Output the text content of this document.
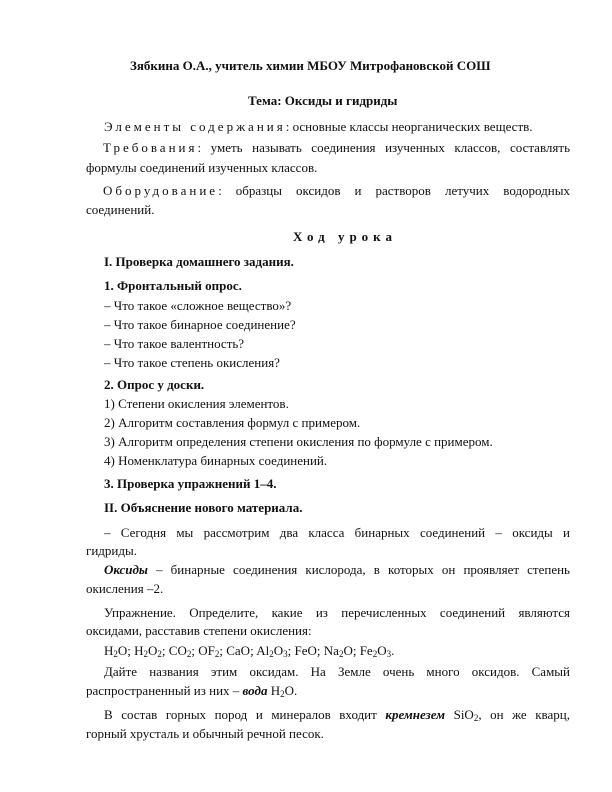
Зябкина О.А., учитель химии МБОУ Митрофановской СОШ
Тема: Оксиды и гидриды
Элементы содержания: основные классы неорганических веществ.
Требования: уметь называть соединения изученных классов, составлять
формулы соединений изученных классов.
Оборудование: образцы оксидов и растворов летучих водородных
соединений.
Ход урока
I. Проверка домашнего задания.
1. Фронтальный опрос.
– Что такое «сложное вещество»?
– Что такое бинарное соединение?
– Что такое валентность?
– Что такое степень окисления?
2. Опрос у доски.
1) Степени окисления элементов.
2) Алгоритм составления формул с примером.
3) Алгоритм определения степени окисления по формуле с примером.
4) Номенклатура бинарных соединений.
3. Проверка упражнений 1–4.
II. Объяснение нового материала.
– Сегодня мы рассмотрим два класса бинарных соединений – оксиды и
гидриды.
Оксиды – бинарные соединения кислорода, в которых он проявляет степень
окисления –2.
Упражнение. Определите, какие из перечисленных соединений являются
оксидами, расставив степени окисления:
$H_2O$; $H_2O_2$; $CO_2$; $OF_2$; CaO; $Al_2O_3$; FeO; $Na_2O$; $Fe_2O_3$.
Дайте названия этим оксидам. На Земле очень много оксидов. Самый
распространенный из них – вода $H_2O$.
В состав горных пород и минералов входит кремнезем SiO$_2$, он же кварц,
горный хрусталь и обычный речной песок.
